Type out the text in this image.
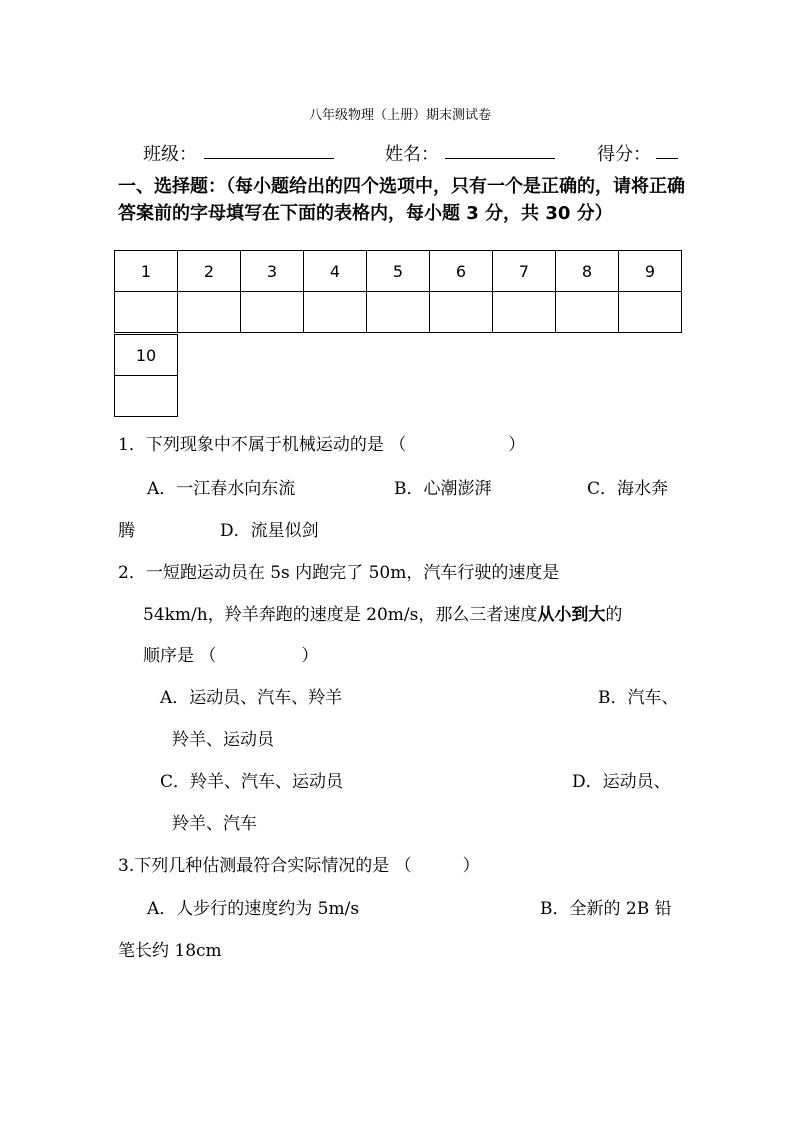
八年级物理（上册）期末测试卷
班级：	姓名：	得分：
一、选择题：（每小题给出的四个选项中，只有一个是正确的，请将正确答案前的字母填写在下面的表格内，每小题 3 分，共 30 分）
1	2	3	4	5	6	7	8	9

10

1．下列现象中不属于机械运动的是 （　　　　　　）
A．一江春水向东流	B．心潮澎湃	C．海水奔
腾	D．流星似剑
2．一短跑运动员在 5s 内跑完了 50m，汽车行驶的速度是
54km/h，羚羊奔跑的速度是 20m/s，那么三者速度从小到大的
顺序是 （　　　　　）
A．运动员、汽车、羚羊	B．汽车、
羚羊、运动员
C．羚羊、汽车、运动员	D．运动员、
羚羊、汽车
3.下列几种估测最符合实际情况的是 （　　　）
A．人步行的速度约为 5m/s	B．全新的 2B 铅
笔长约 18cm
